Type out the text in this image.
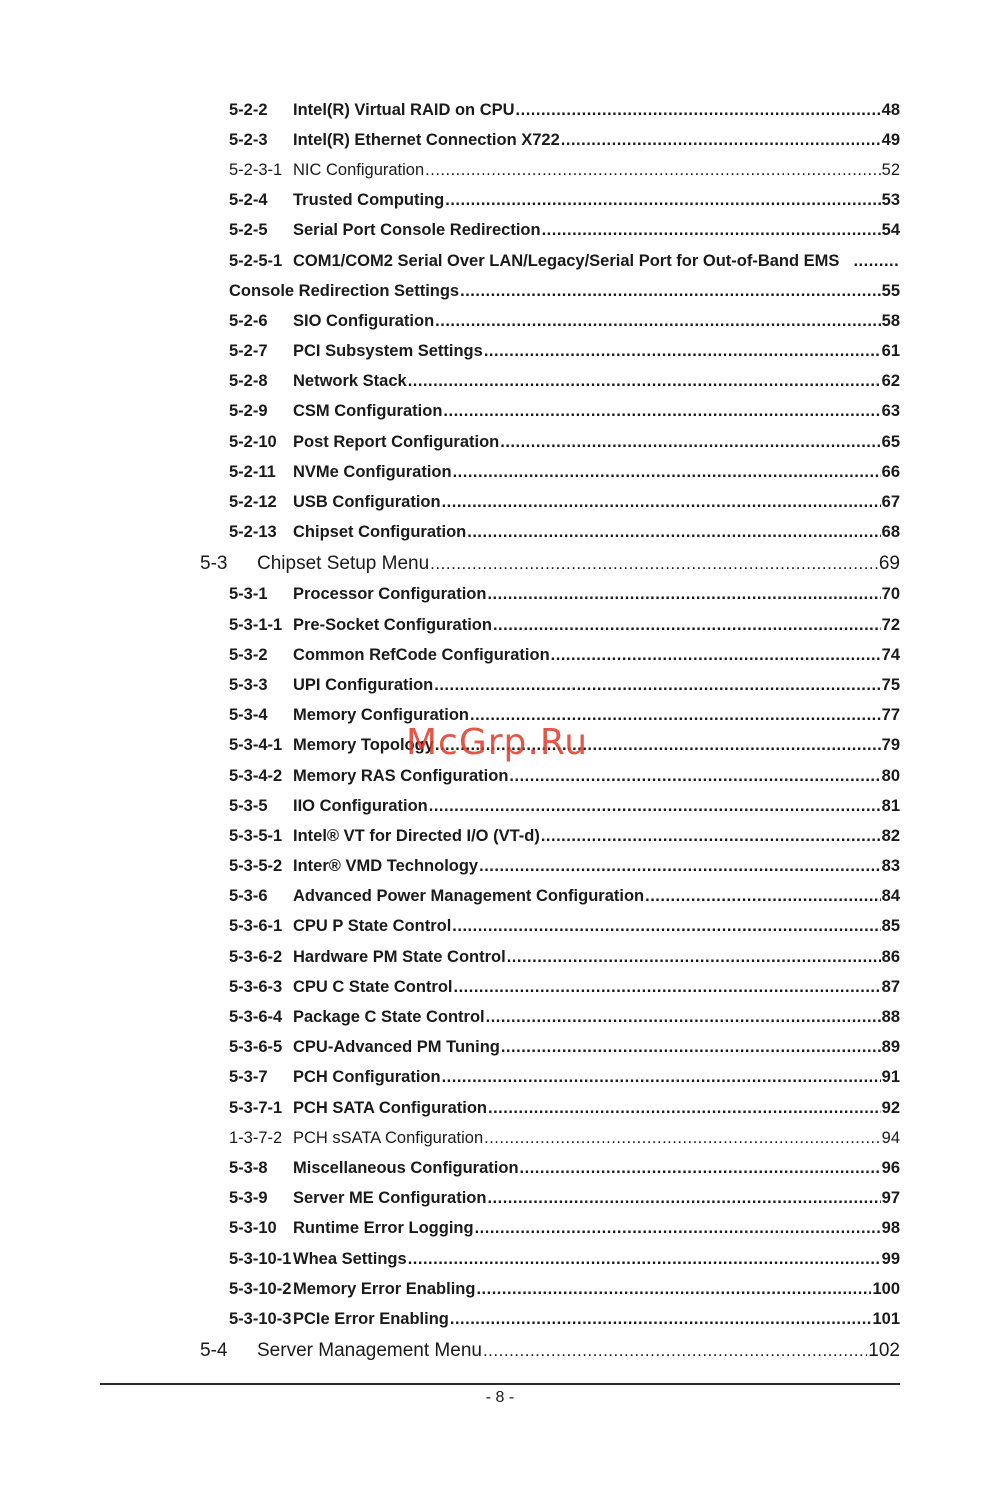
5-2-2	Intel(R) Virtual RAID on CPU .....	48
5-2-3	Intel(R) Ethernet Connection X722 .....	49
5-2-3-1 NIC Configuration .....	52
5-2-4	Trusted Computing .....	53
5-2-5	Serial Port Console Redirection .....	54
5-2-5-1 COM1/COM2 Serial Over LAN/Legacy/Serial Port for Out-of-Band EMS
.....
Console Redirection Settings .....	55
5-2-6	SIO Configuration .....	58
5-2-7	PCI Subsystem Settings .....	61
5-2-8	Network Stack .....	62
5-2-9	CSM Configuration .....	63
5-2-10 Post Report Configuration .....	65
5-2-11	NVMe Configuration .....	66
5-2-12 USB Configuration .....	67
5-2-13 Chipset Configuration .....	68
5-3	Chipset Setup Menu .....	69
5-3-1	Processor Configuration .....	70
5-3-1-1 Pre-Socket Configuration .....	72
5-3-2	Common RefCode Configuration .....	74
5-3-3	UPI Configuration .....	75
5-3-4	Memory Configuration .....	77
5-3-4-1 Memory Topology .....	79
5-3-4-2 Memory RAS Configuration .....	80
5-3-5	IIO Configuration .....	81
5-3-5-1 Intel® VT for Directed I/O (VT-d) .....	82
5-3-5-2 Inter® VMD Technology .....	83
5-3-6	Advanced Power Management Configuration .....	84
5-3-6-1 CPU P State Control .....	85
5-3-6-2 Hardware PM State Control .....	86
5-3-6-3 CPU C State Control .....	87
5-3-6-4 Package C State Control .....	88
5-3-6-5 CPU-Advanced PM Tuning .....	89
5-3-7	PCH Configuration .....	91
5-3-7-1 PCH SATA Configuration .....	92
1-3-7-2 PCH sSATA Configuration .....	94
5-3-8	Miscellaneous Configuration .....	96
5-3-9	Server ME Configuration .....	97
5-3-10 Runtime Error Logging .....	98
5-3-10-1 Whea Settings .....	99
5-3-10-2 Memory Error Enabling .....	100
5-3-10-3 PCIe Error Enabling .....	101
5-4	Server Management Menu .....	102
- 8 -
McGrp.Ru
